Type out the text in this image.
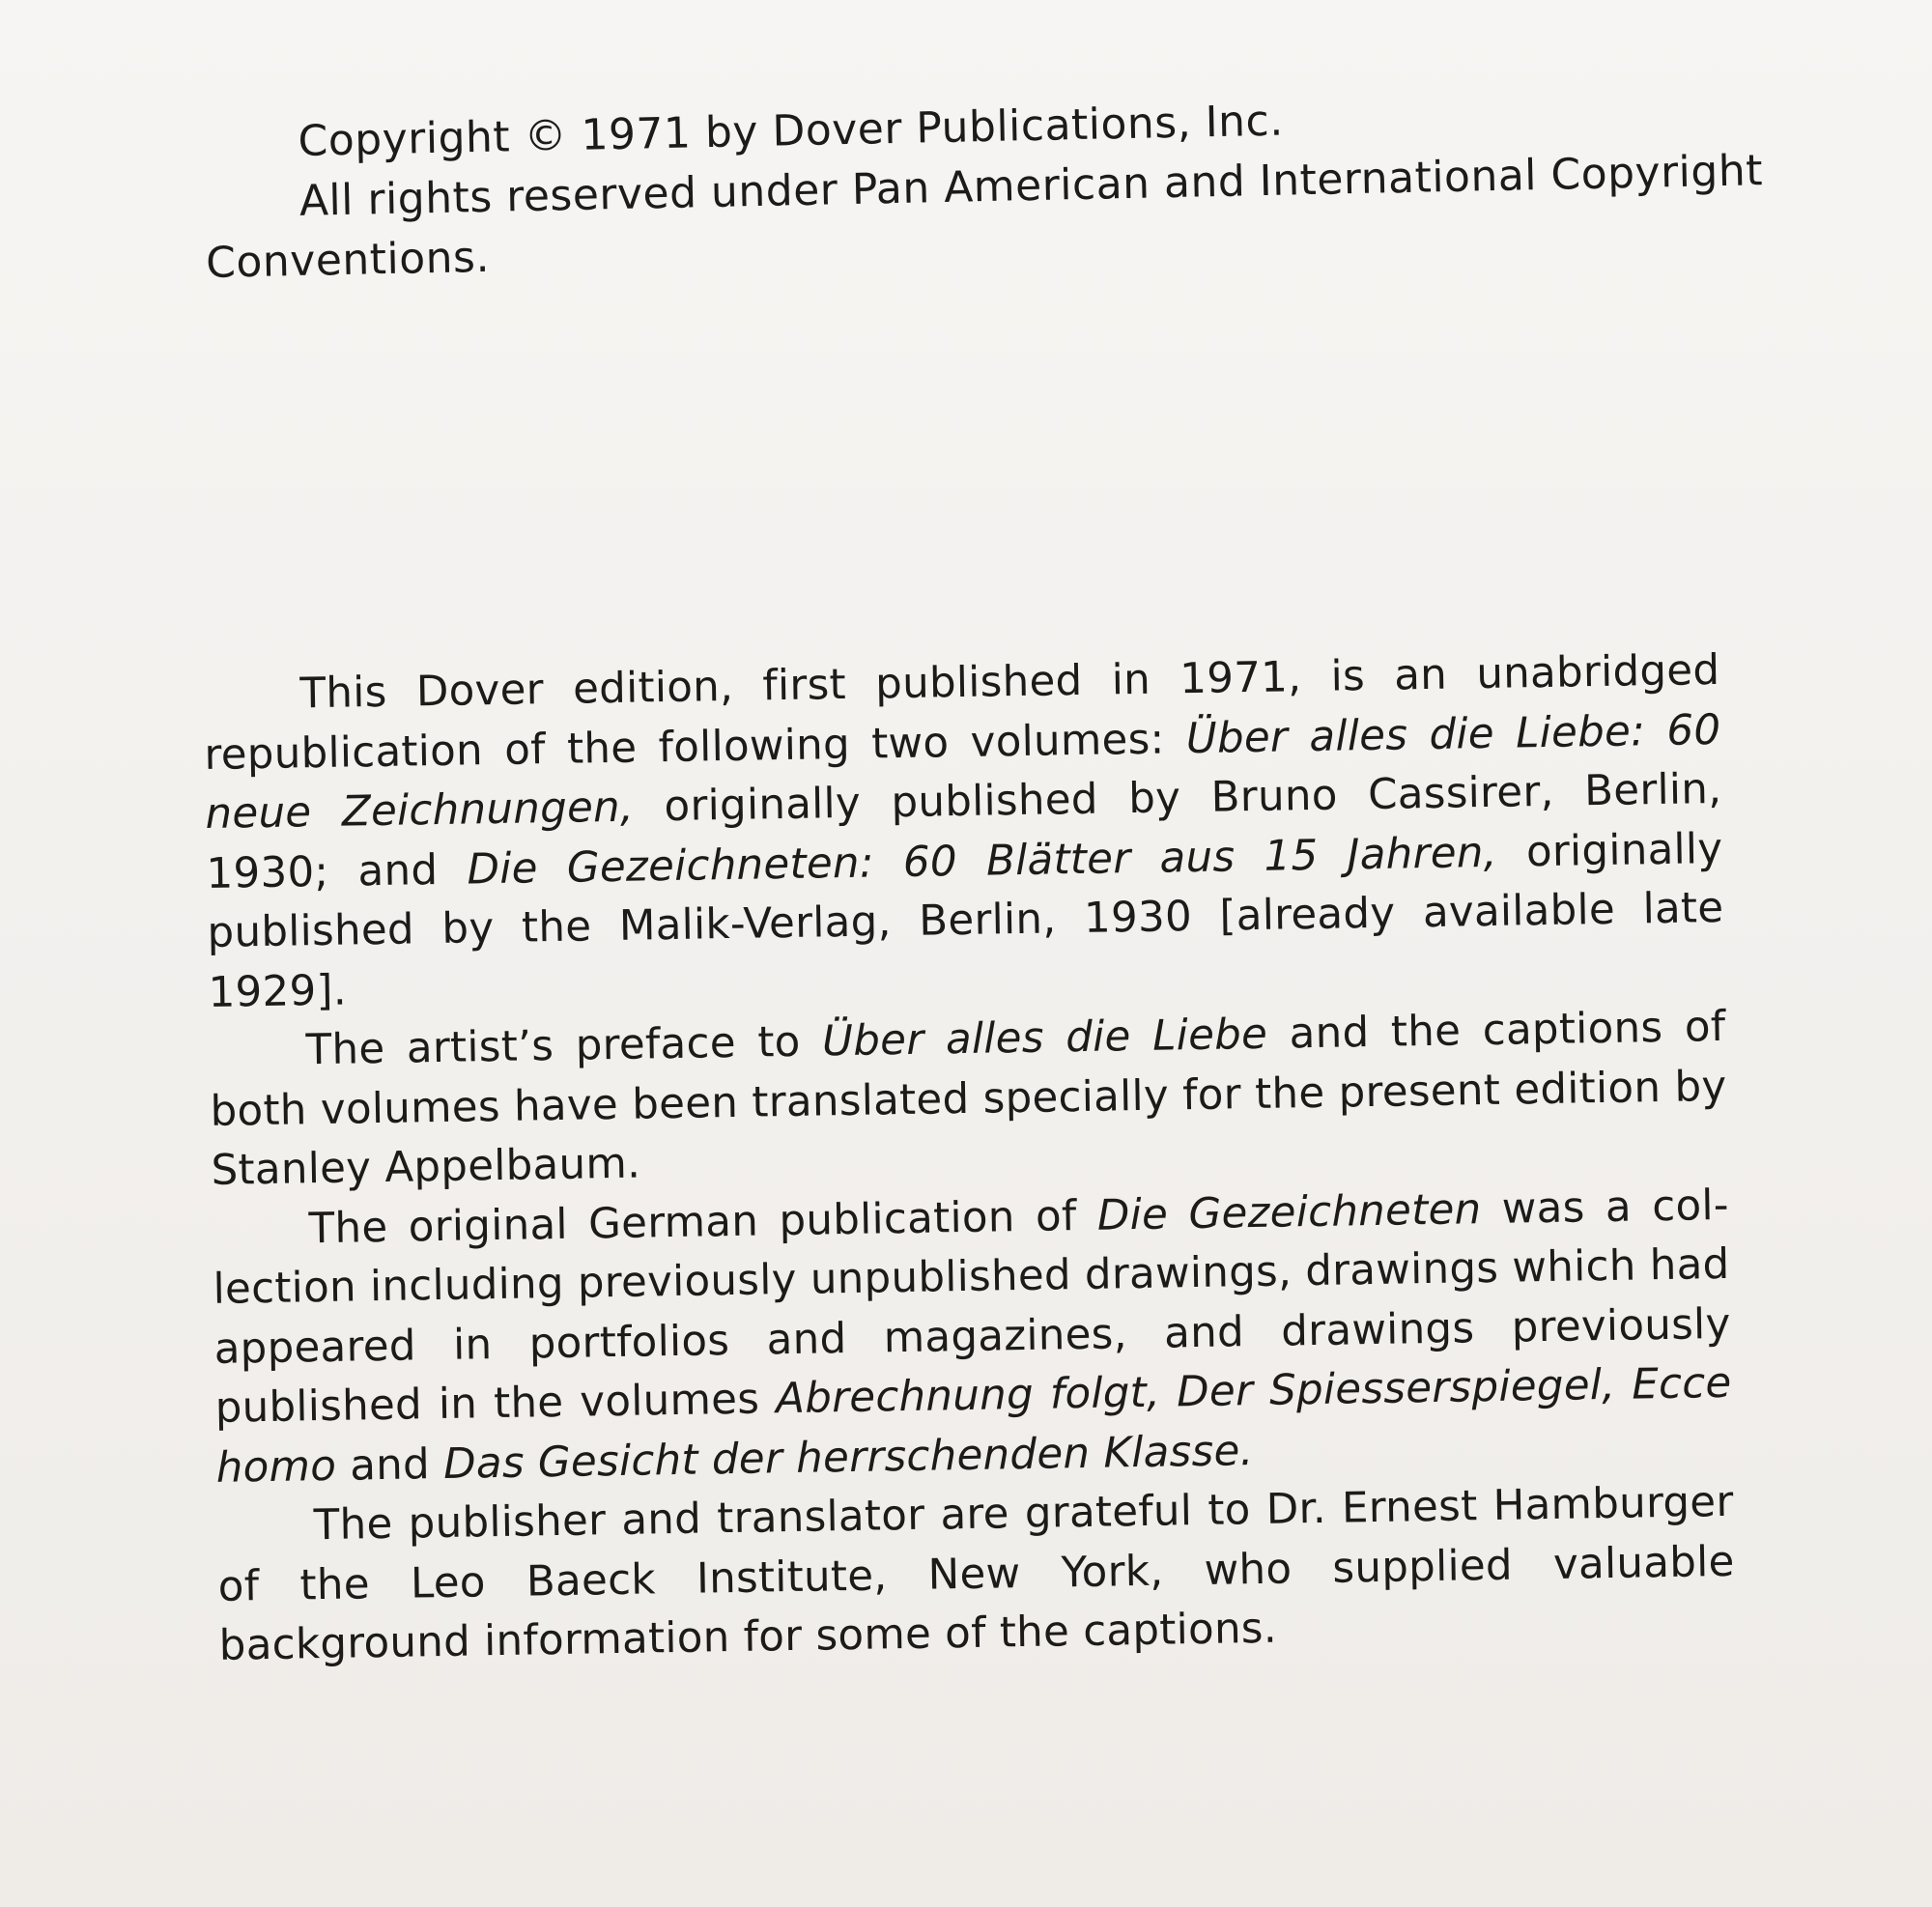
Copyright © 1971 by Dover Publications, Inc.
All rights reserved under Pan American and International Copyright
Conventions.

This Dover edition, first published in 1971, is an unabridged republication of the following two volumes: Über alles die Liebe: 60 neue Zeichnungen, originally published by Bruno Cassirer, Berlin, 1930; and Die Gezeichneten: 60 Blätter aus 15 Jahren, originally published by the Malik-Verlag, Berlin, 1930 [already available late 1929].

The artist’s preface to Über alles die Liebe and the captions of both volumes have been translated specially for the present edition by Stanley Appelbaum.

The original German publication of Die Gezeichneten was a collection including previously unpublished drawings, drawings which had appeared in portfolios and magazines, and drawings previously published in the volumes Abrechnung folgt, Der Spiesserspiegel, Ecce homo and Das Gesicht der herrschenden Klasse.

The publisher and translator are grateful to Dr. Ernest Hamburger of the Leo Baeck Institute, New York, who supplied valuable background information for some of the captions.
